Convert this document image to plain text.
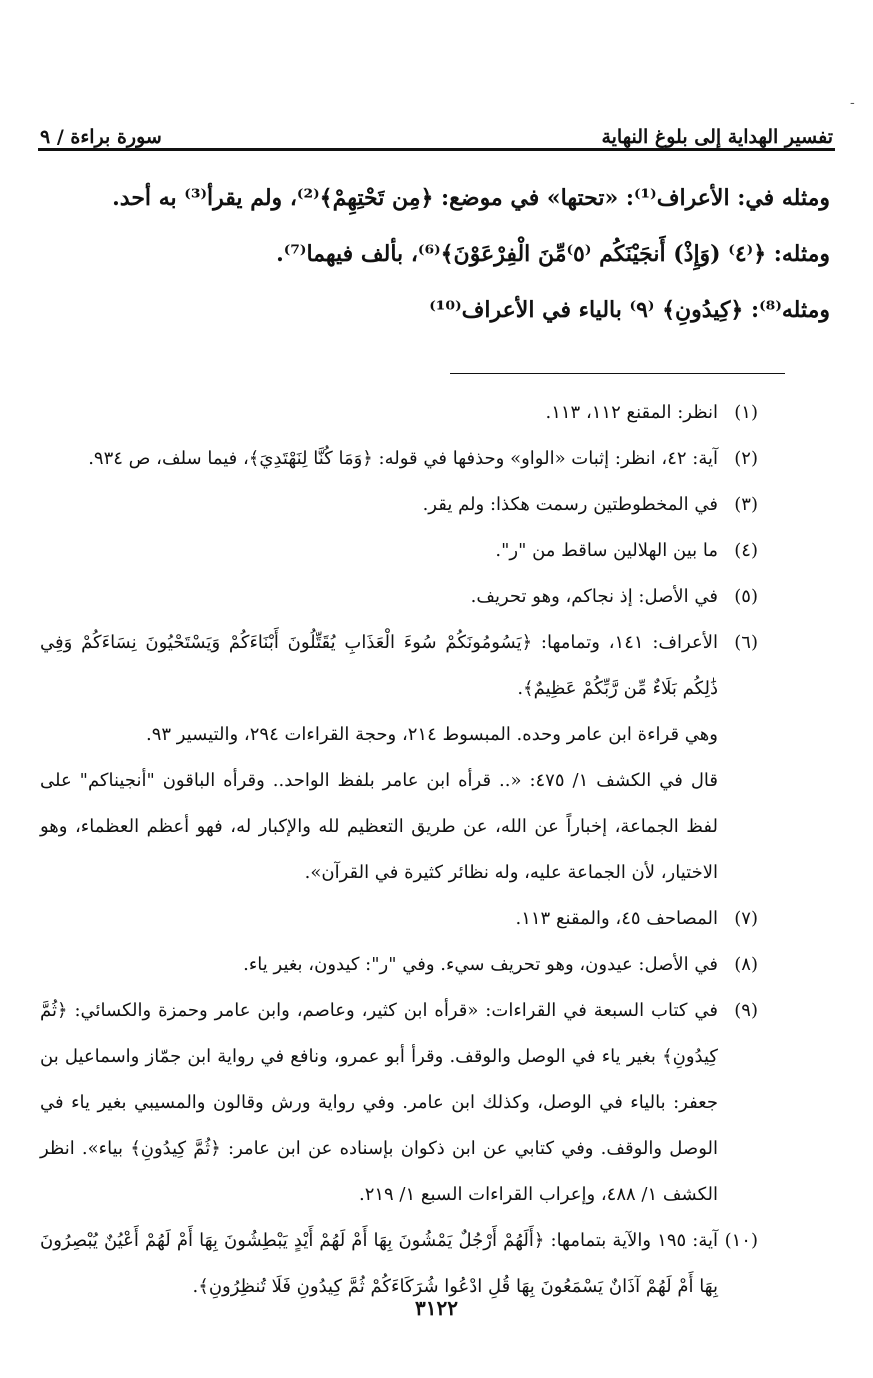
-
تفسير الهداية إلى بلوغ النهاية
سورة براءة / ٩

ومثله في: الأعراف⁽¹⁾: «تحتها» في موضع: ﴿مِن تَحْتِهِمْ﴾⁽²⁾، ولم يقرأ⁽³⁾ به أحد.

ومثله: ﴿⁽٤⁾ (وَإِذْ) أَنجَيْنَكُم ⁽٥⁾مِّنَ الْفِرْعَوْنَ﴾⁽⁶⁾، بألف فيهما⁽⁷⁾.

ومثله⁽⁸⁾: ﴿كِيدُونِ﴾ ⁽٩⁾ بالياء في الأعراف⁽¹⁰⁾

(١)

انظر: المقنع ١١٢، ١١٣.

(٢)

آية: ٤٢، انظر: إثبات «الواو» وحذفها في قوله: ﴿وَمَا كُنَّا لِنَهْتَدِيَ﴾، فيما سلف، ص ٩٣٤.

(٣)

في المخطوطتين رسمت هكذا: ولم يقر.

(٤)

ما بين الهلالين ساقط من "ر".

(٥)

في الأصل: إذ نجاكم، وهو تحريف.

(٦)

الأعراف: ١٤١، وتمامها: ﴿يَسُومُونَكُمْ سُوءَ الْعَذَابِ يُقَتِّلُونَ أَبْنَاءَكُمْ وَيَسْتَحْيُونَ نِسَاءَكُمْ وَفِي ذَٰلِكُم بَلَاءٌ مِّن رَّبِّكُمْ عَظِيمٌ﴾.

وهي قراءة ابن عامر وحده. المبسوط ٢١٤، وحجة القراءات ٢٩٤، والتيسير ٩٣.

قال في الكشف ١/ ٤٧٥: «.. قرأه ابن عامر بلفظ الواحد.. وقرأه الباقون "أنجيناكم" على لفظ الجماعة، إخباراً عن الله، عن طريق التعظيم لله والإكبار له، فهو أعظم العظماء، وهو الاختيار، لأن الجماعة عليه، وله نظائر كثيرة في القرآن».

(٧)

المصاحف ٤٥، والمقنع ١١٣.

(٨)

في الأصل: عيدون، وهو تحريف سيء. وفي "ر": كيدون، بغير ياء.

(٩)

في كتاب السبعة في القراءات: «قرأه ابن كثير، وعاصم، وابن عامر وحمزة والكسائي: ﴿ثُمَّ كِيدُونِ﴾ بغير ياء في الوصل والوقف. وقرأ أبو عمرو، ونافع في رواية ابن جمّاز واسماعيل بن جعفر: بالياء في الوصل، وكذلك ابن عامر. وفي رواية ورش وقالون والمسيبي بغير ياء في الوصل والوقف. وفي كتابي عن ابن ذكوان بإسناده عن ابن عامر: ﴿ثُمَّ كِيدُونِ﴾ بياء». انظر الكشف ١/ ٤٨٨، وإعراب القراءات السبع ١/ ٢١٩.

(١٠)

آية: ١٩٥ والآية بتمامها: ﴿أَلَهُمْ أَرْجُلٌ يَمْشُونَ بِهَا أَمْ لَهُمْ أَيْدٍ يَبْطِشُونَ بِهَا أَمْ لَهُمْ أَعْيُنٌ يُبْصِرُونَ بِهَا أَمْ لَهُمْ آذَانٌ يَسْمَعُونَ بِهَا قُلِ ادْعُوا شُرَكَاءَكُمْ ثُمَّ كِيدُونِ فَلَا تُنظِرُونِ﴾.

٣١٢٢
